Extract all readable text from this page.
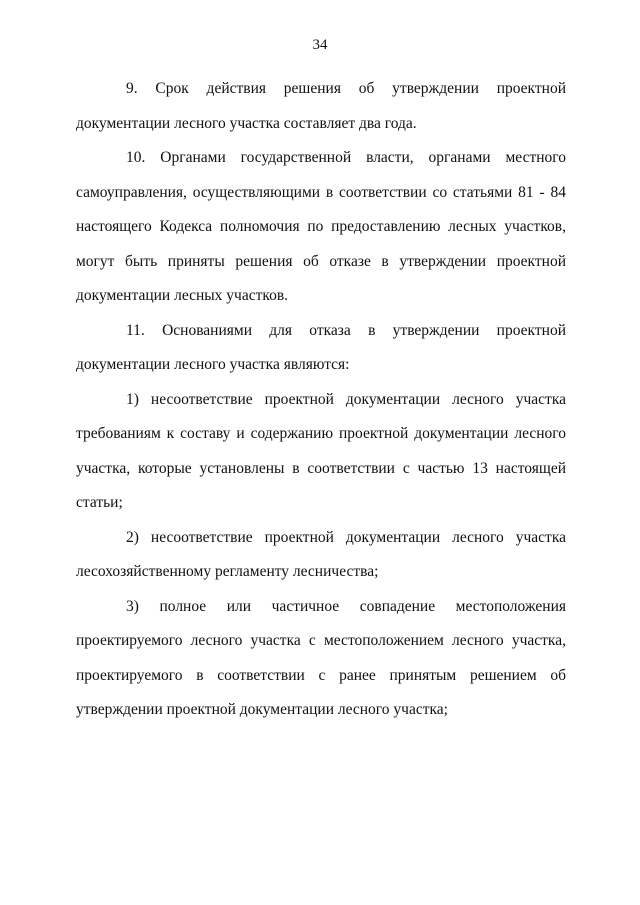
34

9. Срок действия решения об утверждении проектной документации лесного участка составляет два года.

10. Органами государственной власти, органами местного самоуправления, осуществляющими в соответствии со статьями 81 - 84 настоящего Кодекса полномочия по предоставлению лесных участков, могут быть приняты решения об отказе в утверждении проектной документации лесных участков.

11. Основаниями для отказа в утверждении проектной документации лесного участка являются:

1) несоответствие проектной документации лесного участка требованиям к составу и содержанию проектной документации лесного участка, которые установлены в соответствии с частью 13 настоящей статьи;

2) несоответствие проектной документации лесного участка лесохозяйственному регламенту лесничества;

3) полное или частичное совпадение местоположения проектируемого лесного участка с местоположением лесного участка, проектируемого в соответствии с ранее принятым решением об утверждении проектной документации лесного участка;
